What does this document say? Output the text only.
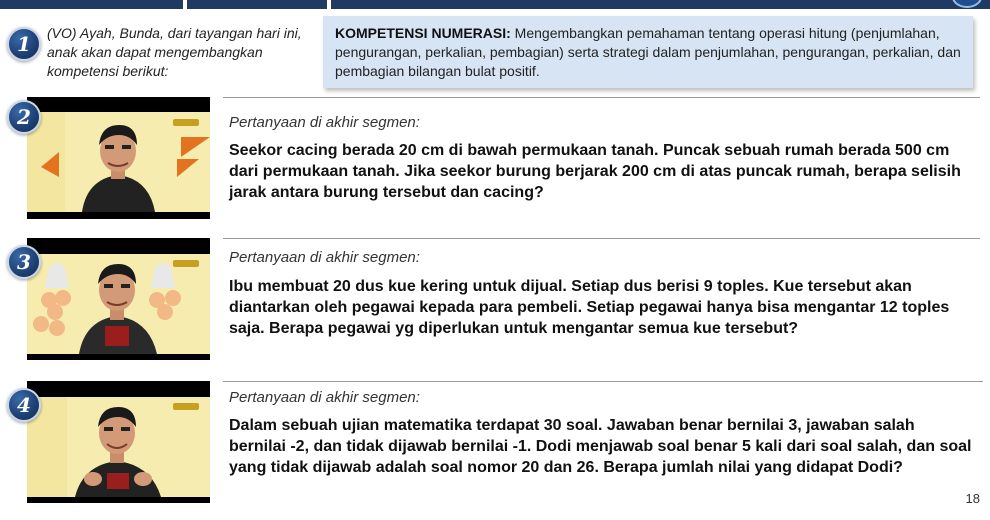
1	(VO) Ayah, Bunda, dari tayangan hari ini, anak akan dapat mengembangkan kompetensi berikut:
KOMPETENSI NUMERASI: Mengembangkan pemahaman tentang operasi hitung (penjumlahan, pengurangan, perkalian, pembagian) serta strategi dalam penjumlahan, pengurangan, perkalian, dan pembagian bilangan bulat positif.
2	Pertanyaan di akhir segmen:
Seekor cacing berada 20 cm di bawah permukaan tanah. Puncak sebuah rumah berada 500 cm dari permukaan tanah. Jika seekor burung berjarak 200 cm di atas puncak rumah, berapa selisih jarak antara burung tersebut dan cacing?
3	Pertanyaan di akhir segmen:
Ibu membuat 20 dus kue kering untuk dijual. Setiap dus berisi 9 toples. Kue tersebut akan diantarkan oleh pegawai kepada para pembeli. Setiap pegawai hanya bisa mengantar 12 toples saja. Berapa pegawai yg diperlukan untuk mengantar semua kue tersebut?
4	Pertanyaan di akhir segmen:
Dalam sebuah ujian matematika terdapat 30 soal. Jawaban benar bernilai 3, jawaban salah bernilai -2, dan tidak dijawab bernilai -1. Dodi menjawab soal benar 5 kali dari soal salah, dan soal yang tidak dijawab adalah soal nomor 20 dan 26. Berapa jumlah nilai yang didapat Dodi?
18
